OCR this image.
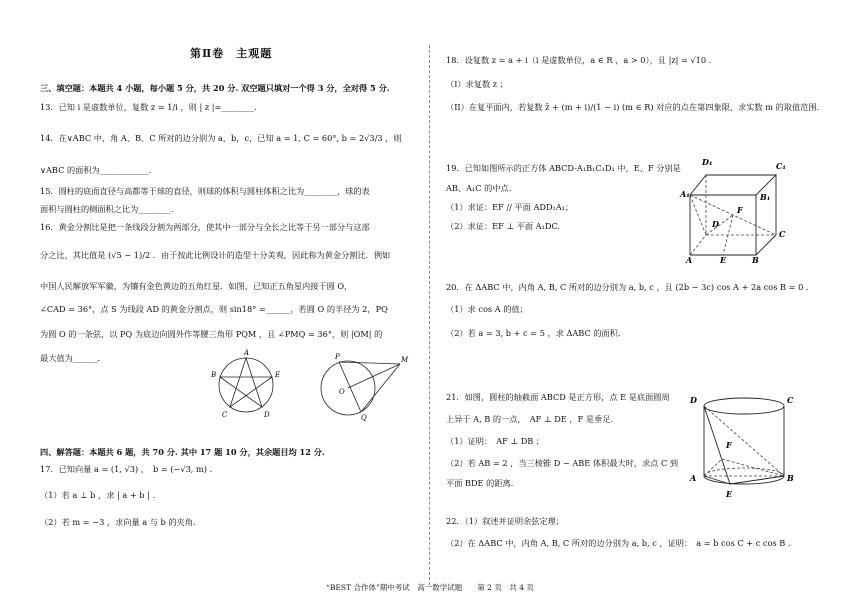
第Ⅱ卷　主观题
三、填空题：本题共 4 小题，每小题 5 分，共 20 分. 双空题只填对一个得 3 分，全对得 5 分.
13．已知 i 是虚数单位，复数 z = 1/i ，则 | z |=________.
14．在∨ABC 中，角 A、B、C 所对的边分别为 a，b，c，已知 a = 1, C = 60°, b = 2√3/3 ，则
∨ABC 的面积为____________.
15．圆柱的底面直径与高都等于球的直径，则球的体积与圆柱体积之比为________，球的表
面积与圆柱的侧面积之比为________.
16．黄金分割比是把一条线段分割为两部分，使其中一部分与全长之比等于另一部分与这部
分之比，其比值是 (√5 − 1)/2 ．由于按此比例设计的造型十分美观，因此称为黄金分割比．例如
中国人民解放军军徽，为镶有金色黄边的五角红星．如图，已知正五角星内接于圆 O，
∠CAD = 36°，点 S 为线段 AD 的黄金分割点，则 sin18° =______，若圆 O 的半径为 2，PQ
为圆 O 的一条弦，以 PQ 为底边向圆外作等腰三角形 PQM ，且 ∠PMQ = 36°，则 |OM| 的
最大值为______.	A
B
C	D
E
P	M
O
Q
四、解答题：本题共 6 题，共 70 分. 其中 17 题 10 分，其余题目均 12 分.
17．已知向量 a = (1, √3) ，　b = (−√3, m) .
（1）若 a ⊥ b ，求 | a + b | .
（2）若 m = −3 ，求向量 a 与 b 的夹角.
18．设复数 z = a + i（i 是虚数单位，a ∈ R ，a > 0），且 |z| = √10 .
（I）求复数 z ；
（II）在复平面内，若复数 z̄ + (m + i)/(1 − i) (m ∈ R) 对应的点在第四象限，求实数 m 的取值范围.
19．已知如图所示的正方体 ABCD-A₁B₁C₁D₁ 中，E、F 分别是
AB、A₁C 的中点.
（1）求证：EF // 平面 ADD₁A₁；
（2）求证：EF ⊥ 平面 A₁DC.
D₁	C₁
A₁	B₁
F
D
C
A	E	B
20．在 ΔABC 中，内角 A, B, C 所对的边分别为 a, b, c ，且 (2b − 3c) cos A + 2a cos B = 0 .
（1）求 cos A 的值；
（2）若 a = 3, b + c = 5 ，求 ΔABC 的面积.
21．如图，圆柱的轴截面 ABCD 是正方形，点 E 是底面圆周
上异于 A, B 的一点，　AF ⊥ DE ，F 是垂足.
（1）证明：　AF ⊥ DB ；
（2）若 AB = 2 ，当三棱锥 D − ABE 体积最大时，求点 C 到
平面 BDE 的距离.
D	C
F
A	B
E
22．（1）叙述并证明余弦定理；
（2）在 ΔABC 中，内角 A, B, C 所对的边分别为 a, b, c ，证明：　a = b cos C + c cos B .
“BEST 合作体”期中考试　高一数学试题　　第 2 页　共 4 页
